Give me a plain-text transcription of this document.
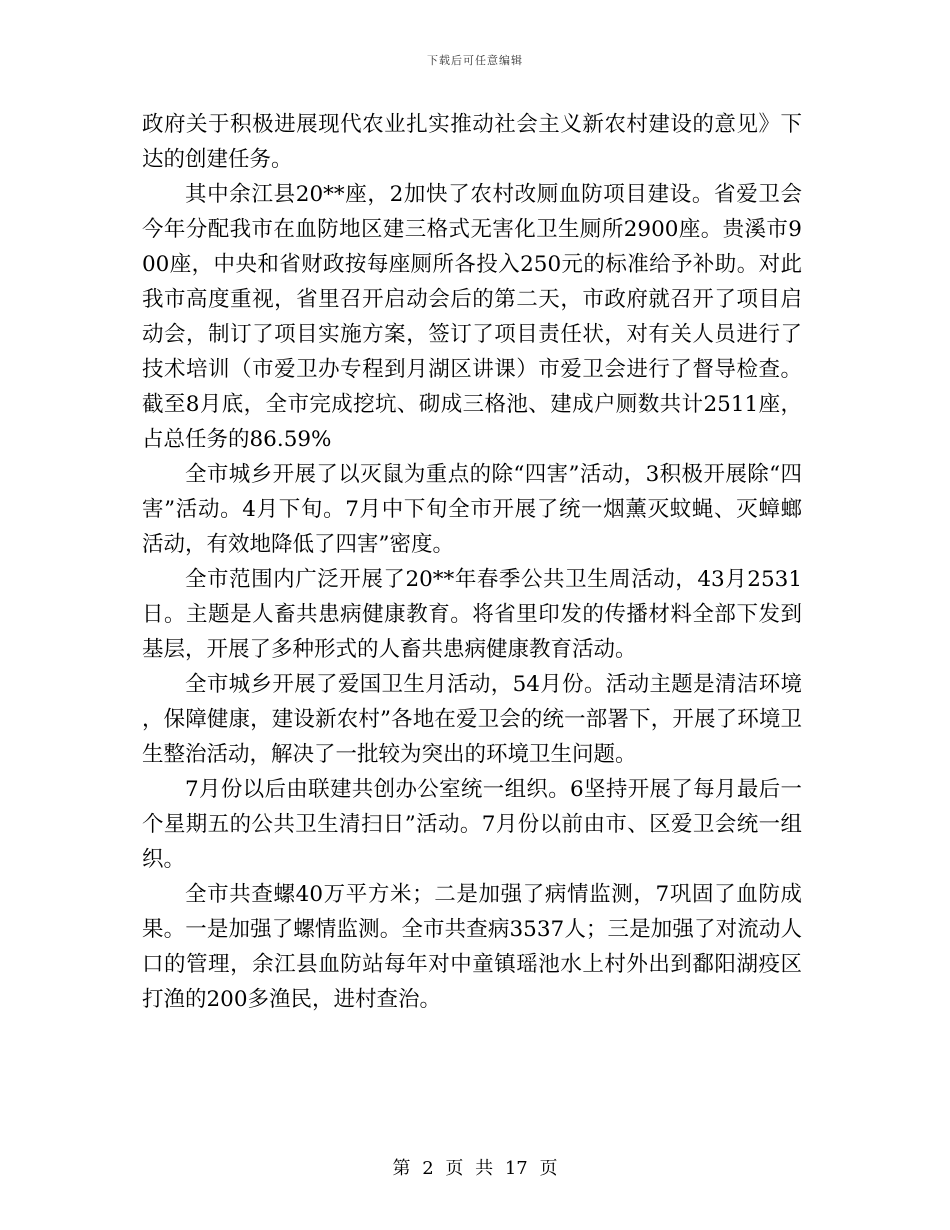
下载后可任意编辑

政府关于积极进展现代农业扎实推动社会主义新农村建设的意见》下达的创建任务。

其中余江县20**座，2加快了农村改厕血防项目建设。省爱卫会今年分配我市在血防地区建三格式无害化卫生厕所2900座。贵溪市900座，中央和省财政按每座厕所各投入250元的标准给予补助。对此我市高度重视，省里召开启动会后的第二天，市政府就召开了项目启动会，制订了项目实施方案，签订了项目责任状，对有关人员进行了技术培训（市爱卫办专程到月湖区讲课）市爱卫会进行了督导检查。截至8月底，全市完成挖坑、砌成三格池、建成户厕数共计2511座，占总任务的86.59%

全市城乡开展了以灭鼠为重点的除“四害”活动，3积极开展除“四害”活动。4月下旬。7月中下旬全市开展了统一烟薰灭蚊蝇、灭蟑螂活动，有效地降低了四害”密度。

全市范围内广泛开展了20**年春季公共卫生周活动，43月2531日。主题是人畜共患病健康教育。将省里印发的传播材料全部下发到基层，开展了多种形式的人畜共患病健康教育活动。

全市城乡开展了爱国卫生月活动，54月份。活动主题是清洁环境，保障健康，建设新农村”各地在爱卫会的统一部署下，开展了环境卫生整治活动，解决了一批较为突出的环境卫生问题。

7月份以后由联建共创办公室统一组织。6坚持开展了每月最后一个星期五的公共卫生清扫日”活动。7月份以前由市、区爱卫会统一组织。

全市共查螺40万平方米；二是加强了病情监测，7巩固了血防成果。一是加强了螺情监测。全市共查病3537人；三是加强了对流动人口的管理，余江县血防站每年对中童镇瑶池水上村外出到鄱阳湖疫区打渔的200多渔民，进村查治。

第 2 页 共 17 页
